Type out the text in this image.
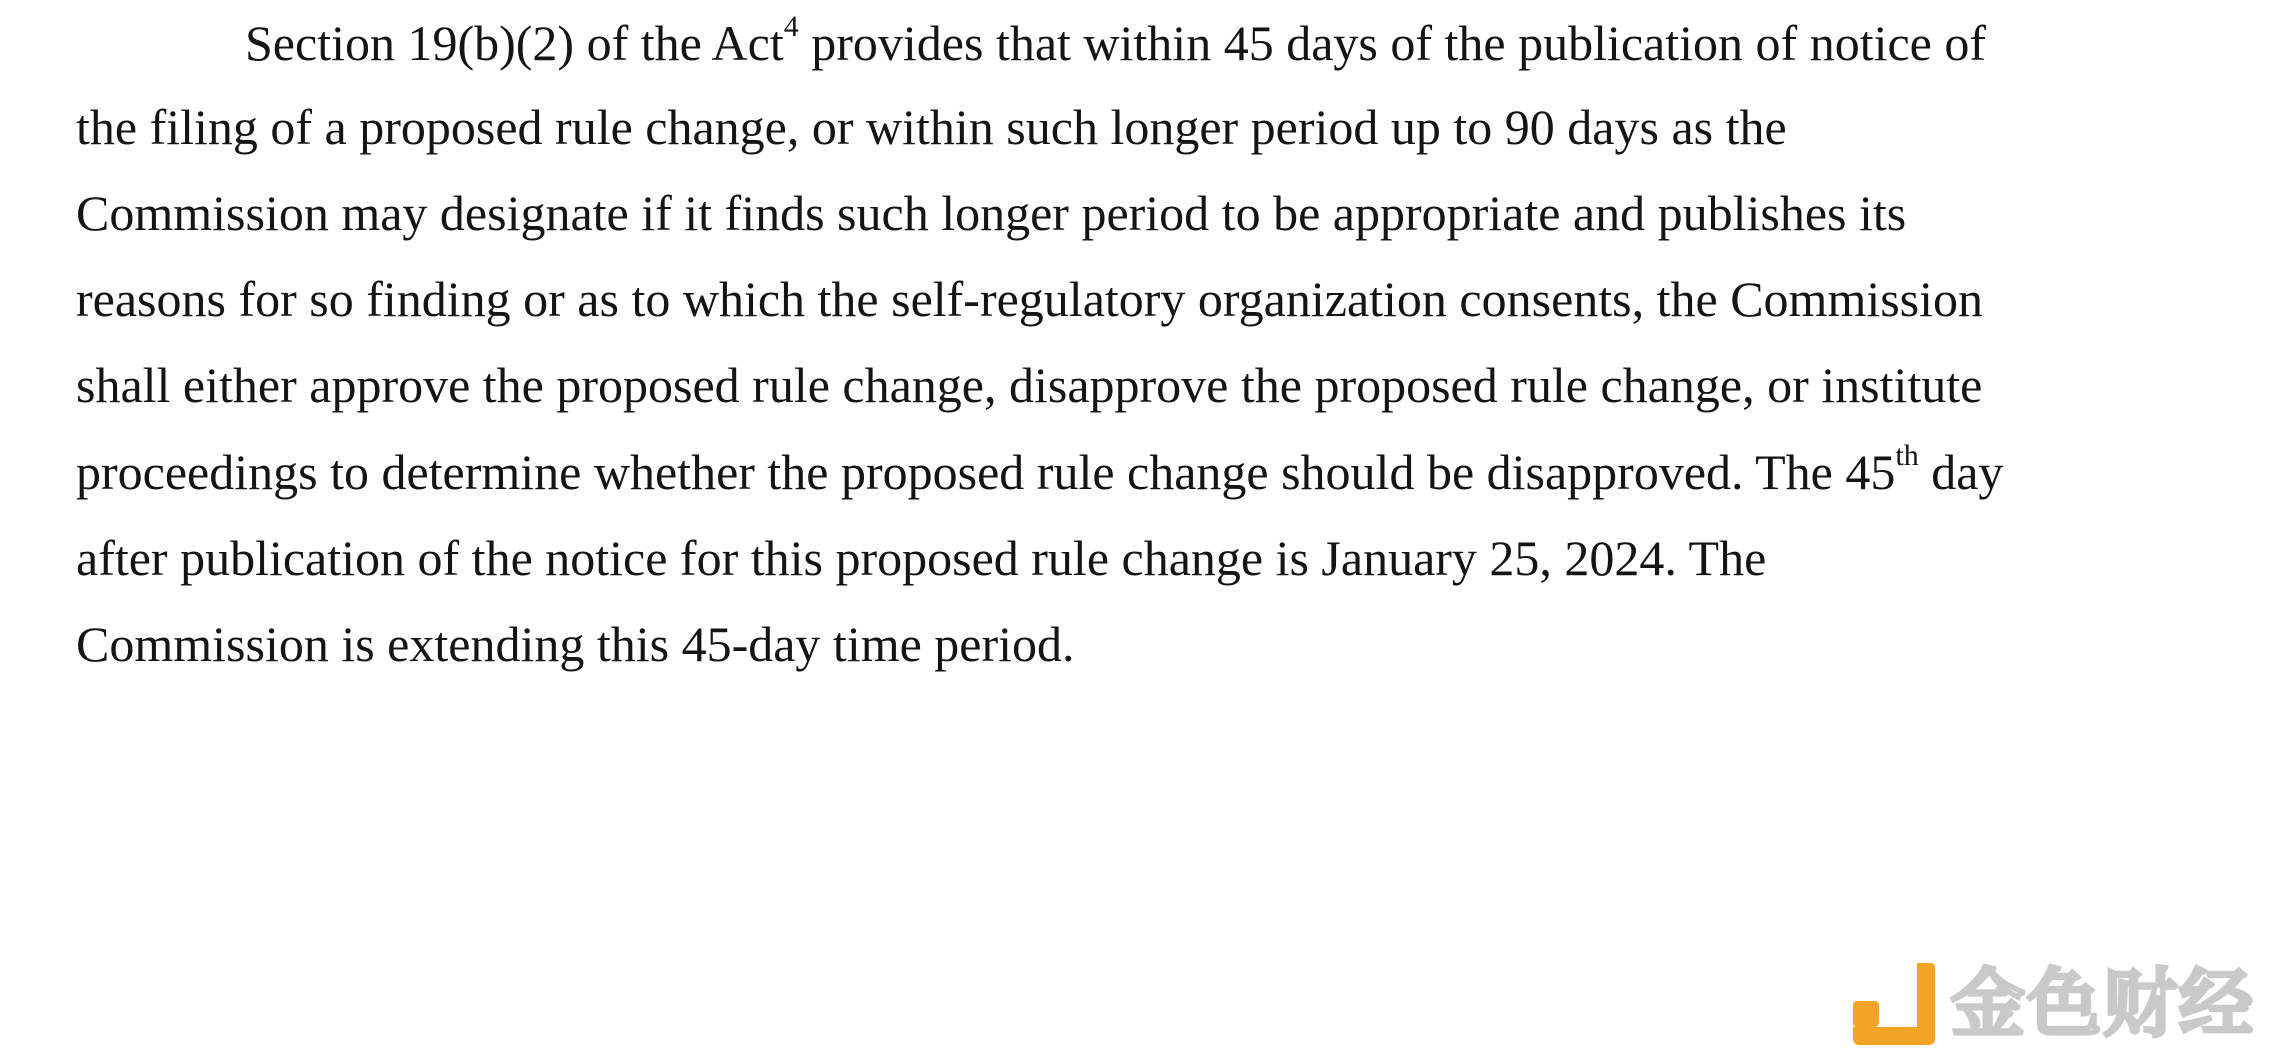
Section 19(b)(2) of the Act$^4$ provides that within 45 days of the publication of notice of
the filing of a proposed rule change, or within such longer period up to 90 days as the
Commission may designate if it finds such longer period to be appropriate and publishes its
reasons for so finding or as to which the self-regulatory organization consents, the Commission
shall either approve the proposed rule change, disapprove the proposed rule change, or institute
proceedings to determine whether the proposed rule change should be disapproved. The 45th day
after publication of the notice for this proposed rule change is January 25, 2024. The
Commission is extending this 45-day time period.
金色财经
